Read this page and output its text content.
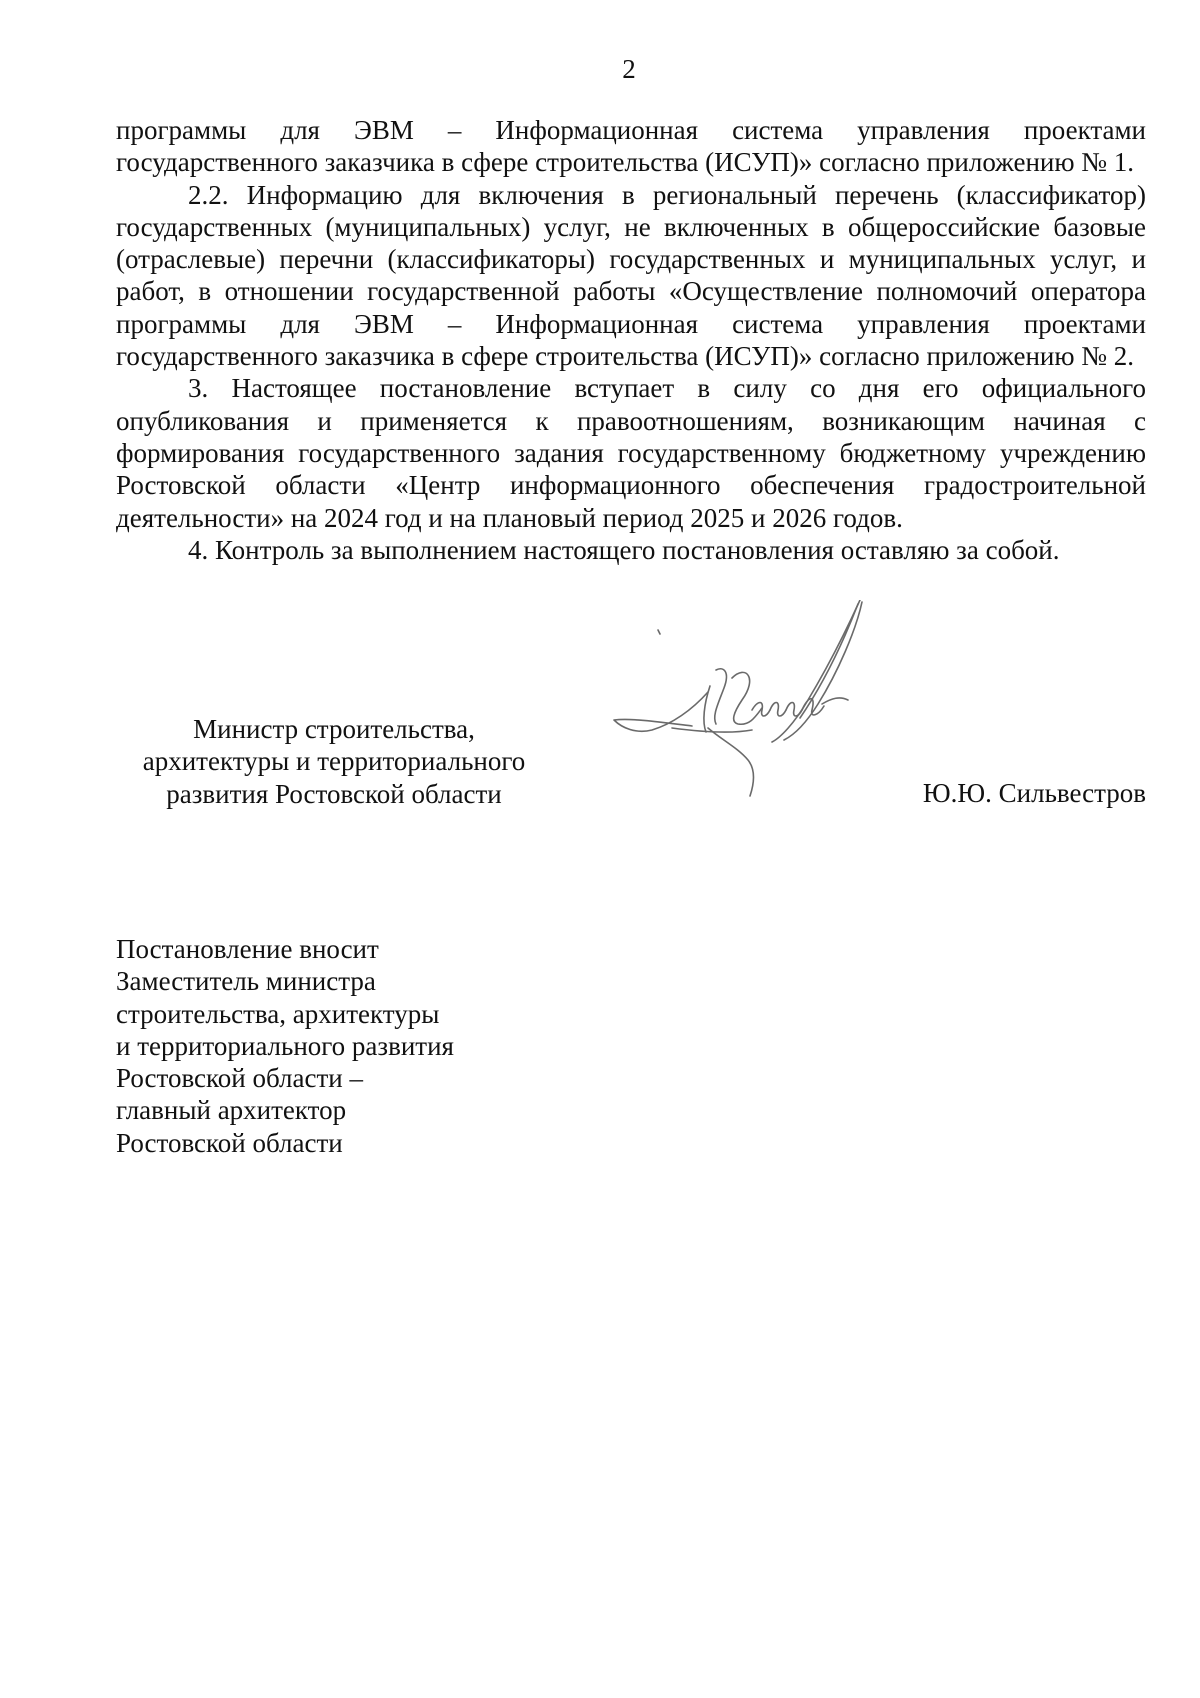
2

программы для ЭВМ – Информационная система управления проектами государственного заказчика в сфере строительства (ИСУП)» согласно приложению № 1.

2.2. Информацию для включения в региональный перечень (классификатор) государственных (муниципальных) услуг, не включенных в общероссийские базовые (отраслевые) перечни (классификаторы) государственных и муниципальных услуг, и работ, в отношении государственной работы «Осуществление полномочий оператора программы для ЭВМ – Информационная система управления проектами государственного заказчика в сфере строительства (ИСУП)» согласно приложению № 2.

3. Настоящее постановление вступает в силу со дня его официального опубликования и применяется к правоотношениям, возникающим начиная с формирования государственного задания государственному бюджетному учреждению Ростовской области «Центр информационного обеспечения градостроительной деятельности» на 2024 год и на плановый период 2025 и 2026 годов.

4. Контроль за выполнением настоящего постановления оставляю за собой.

Министр строительства,
архитектуры и территориального
развития Ростовской области	Ю.Ю. Сильвестров
Постановление вносит
Заместитель министра
строительства, архитектуры
и территориального развития
Ростовской области –
главный архитектор
Ростовской области
